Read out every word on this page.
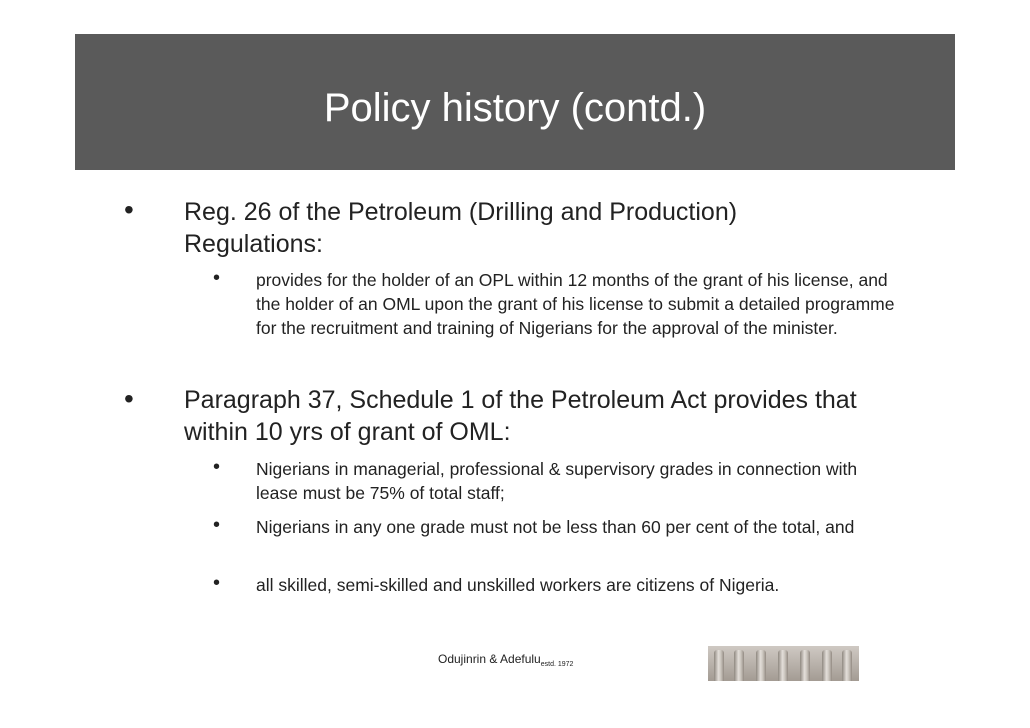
Policy history (contd.)
• Reg. 26 of the Petroleum (Drilling and Production) Regulations:
• provides for the holder of an OPL within 12 months of the grant of his license, and the holder of an OML upon the grant of his license to submit a detailed programme for the recruitment and training of Nigerians for the approval of the minister.
• Paragraph 37, Schedule 1 of the Petroleum Act provides that within 10 yrs of grant of OML:
• Nigerians in managerial, professional & supervisory grades in connection with lease must be 75% of total staff;
• Nigerians in any one grade must not be less than 60 per cent of the total, and
• all skilled, semi-skilled and unskilled workers are citizens of Nigeria.
Odujinrin & Adefulu$_{estd. 1972}$
